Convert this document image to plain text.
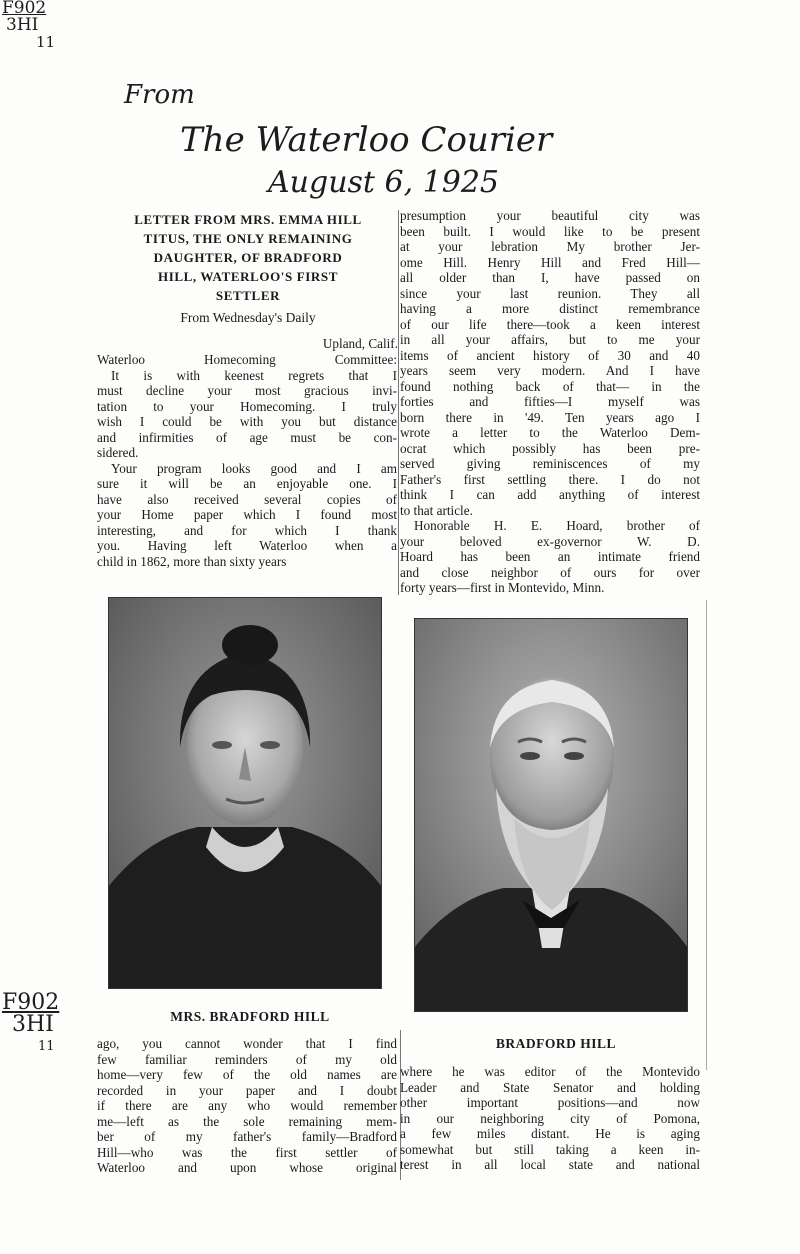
F902
3HI
11
F902
3HI
11
From
The Waterloo Courier
August 6, 1925
LETTER FROM MRS. EMMA HILL
TITUS, THE ONLY REMAINING
DAUGHTER, OF BRADFORD
HILL, WATERLOO'S FIRST
SETTLER
From Wednesday's Daily
Upland, Calif.
Waterloo Homecoming Committee:
It is with keenest regrets that I
must decline your most gracious invi-
tation to your Homecoming. I truly
wish I could be with you but distance
and infirmities of age must be con-
sidered.
Your program looks good and I am
sure it will be an enjoyable one. I
have also received several copies of
your Home paper which I found most
interesting, and for which I thank
you. Having left Waterloo when a
child in 1862, more than sixty years
presumption your beautiful city was
been built. I would like to be present
at your lebration My brother Jer-
ome Hill. Henry Hill and Fred Hill—
all older than I, have passed on
since your last reunion. They all
having a more distinct remembrance
of our life there—took a keen interest
in all your affairs, but to me your
items of ancient history of 30 and 40
years seem very modern. And I have
found nothing back of that— in the
forties and fifties—I myself was
born there in '49. Ten years ago I
wrote a letter to the Waterloo Dem-
ocrat which possibly has been pre-
served giving reminiscences of my
Father's first settling there. I do not
think I can add anything of interest
to that article.
Honorable H. E. Hoard, brother of
your beloved ex-governor W. D.
Hoard has been an intimate friend
and close neighbor of ours for over
forty years—first in Montevido, Minn.
ago, you cannot wonder that I find
few familiar reminders of my old
home—very few of the old names are
recorded in your paper and I doubt
if there are any who would remember
me—left as the sole remaining mem-
ber of my father's family—Bradford
Hill—who was the first settler of
Waterloo and upon whose original
where he was editor of the Montevido
Leader and State Senator and holding
other important positions—and now
in our neighboring city of Pomona,
a few miles distant. He is aging
somewhat but still taking a keen in-
terest in all local state and national
MRS. BRADFORD HILL
BRADFORD HILL
